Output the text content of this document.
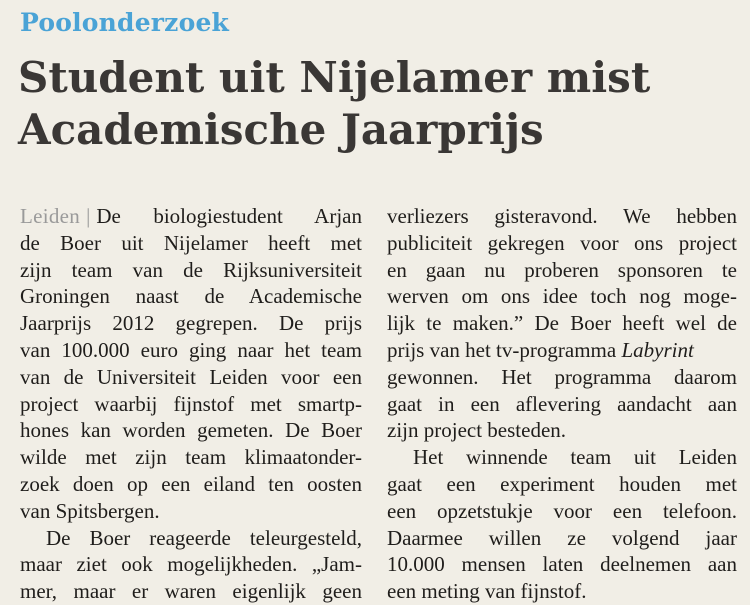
Poolonderzoek
Student uit Nijelamer mist
Academische Jaarprijs
Leiden | De biologiestudent Arjan
de Boer uit Nijelamer heeft met
zijn team van de Rijksuniversiteit
Groningen naast de Academische
Jaarprijs 2012 gegrepen. De prijs
van 100.000 euro ging naar het team
van de Universiteit Leiden voor een
project waarbij fijnstof met smartp-
hones kan worden gemeten. De Boer
wilde met zijn team klimaatonder-
zoek doen op een eiland ten oosten
van Spitsbergen.
De Boer reageerde teleurgesteld,
maar ziet ook mogelijkheden. „Jam-
mer, maar er waren eigenlijk geen
verliezers gisteravond. We hebben
publiciteit gekregen voor ons project
en gaan nu proberen sponsoren te
werven om ons idee toch nog moge-
lijk te maken.” De Boer heeft wel de
prijs van het tv-programma Labyrint
gewonnen. Het programma daarom
gaat in een aflevering aandacht aan
zijn project besteden.
Het winnende team uit Leiden
gaat een experiment houden met
een opzetstukje voor een telefoon.
Daarmee willen ze volgend jaar
10.000 mensen laten deelnemen aan
een meting van fijnstof.
